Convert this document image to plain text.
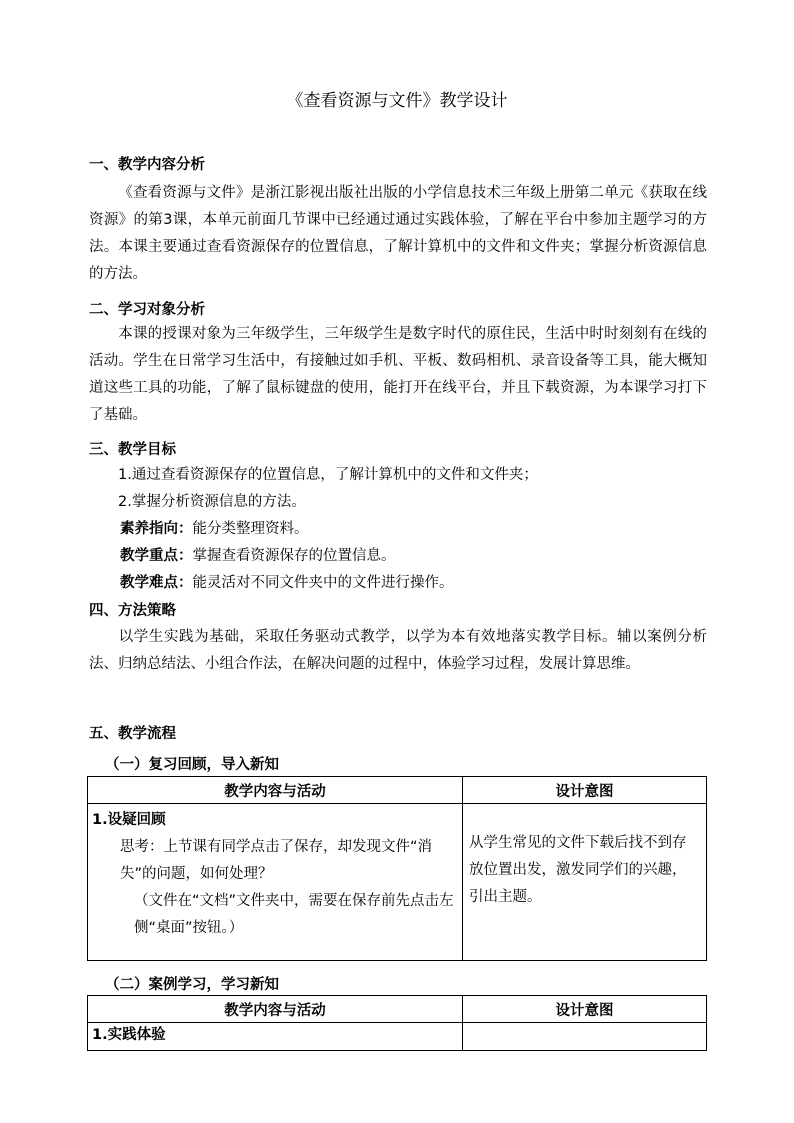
《查看资源与文件》教学设计
一、教学内容分析
《查看资源与文件》是浙江影视出版社出版的小学信息技术三年级上册第二单元《获取在线资源》的第3课，本单元前面几节课中已经通过通过实践体验，了解在平台中参加主题学习的方法。本课主要通过查看资源保存的位置信息，了解计算机中的文件和文件夹；掌握分析资源信息的方法。
二、学习对象分析
本课的授课对象为三年级学生，三年级学生是数字时代的原住民，生活中时时刻刻有在线的活动。学生在日常学习生活中，有接触过如手机、平板、数码相机、录音设备等工具，能大概知道这些工具的功能，了解了鼠标键盘的使用，能打开在线平台，并且下载资源，为本课学习打下了基础。
三、教学目标
1.通过查看资源保存的位置信息，了解计算机中的文件和文件夹；
2.掌握分析资源信息的方法。
素养指向：能分类整理资料。
教学重点：掌握查看资源保存的位置信息。
教学难点：能灵活对不同文件夹中的文件进行操作。
四、方法策略
以学生实践为基础，采取任务驱动式教学，以学为本有效地落实教学目标。辅以案例分析法、归纳总结法、小组合作法，在解决问题的过程中，体验学习过程，发展计算思维。
五、教学流程
（一）复习回顾，导入新知
教学内容与活动	设计意图

1.设疑回顾
思考：上节课有同学点击了保存，却发现文件“消失”的问题，如何处理？
（文件在“文档”文件夹中，需要在保存前先点击左侧“桌面”按钮。）	从学生常见的文件下载后找不到存放位置出发，激发同学们的兴趣，引出主题。
（二）案例学习，学习新知
教学内容与活动	设计意图

1.实践体验	
